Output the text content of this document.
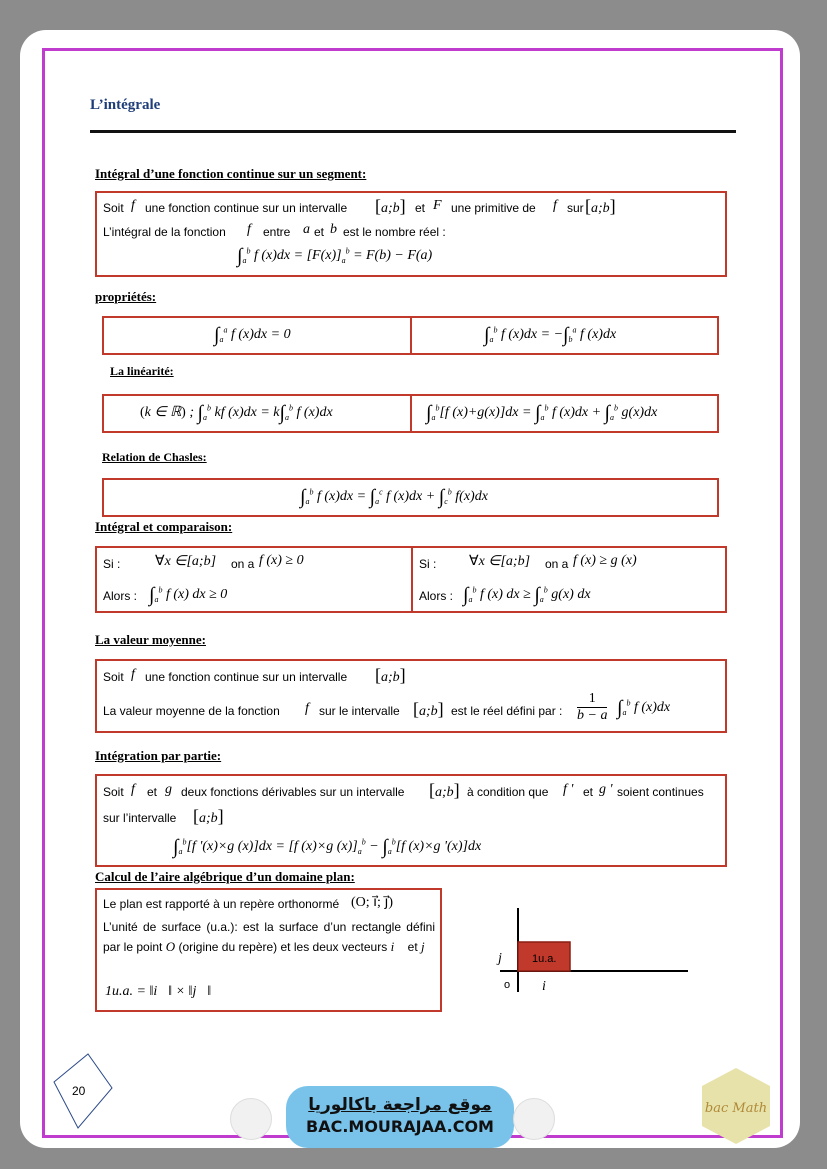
L’intégrale
Intégral d’une fonction continue sur un segment:
Soit f une fonction continue sur un intervalle [a;b] et F une primitive de f sur [a;b]
L’intégral de la fonction f entre a et b est le nombre réel :
$\int_a^b$ f $(x)dx = [F(x)]_a^b = F(b) - F(a)$
propriétés:
$\int_a^a$ f (x)dx = 0	$\int_a^b$ f $(x)dx = -\int_b^a$ f (x)dx
La linéarité:
(k ∈ ℝ) ; $\int_a^b$ kf $(x)dx = k\int_a^b$ f (x)dx	$\int_a^b[f$ $(x)+g(x)]dx = \int_a^b$ f $(x)dx + \int_a^b$ g(x)dx
Relation de Chasles:
$\int_a^b$ f $(x)dx = \int_a^c$ f $(x)dx + \int_c^b$ f(x)dx
Intégral et comparaison:
Si : ∀x ∈[a;b] on a f (x) ≥ 0
Alors : $\int_a^b$ f (x) dx ≥ 0
Si : ∀x ∈[a;b] on a f (x) ≥ g (x)
Alors : $\int_a^b$ f (x) dx ≥ $\int_a^b$ g(x) dx
La valeur moyenne:
Soit f une fonction continue sur un intervalle [a;b]
La valeur moyenne de la fonction f sur le intervalle [a;b] est le réel défini par : $\frac{1}{b - a} \int_a^b$ f (x)dx
Intégration par partie:
Soit f et g deux fonctions dérivables sur un intervalle [a;b] à condition que f ' et g ' soient continues
sur l’intervalle [a;b]
$\int_a^b[f$ '(x)×g (x)]dx = [f (x)×g $(x)]_a^b - \int_a^b[f$ (x)×g '(x)]dx
Calcul de l’aire algébrique d’un domaine plan:
Le plan est rapporté à un repère orthonormé (O; i⃗; j⃗)
L’unité de surface (u.a.): est la surface d’un rectangle défini par le point O (origine du repère) et les deux vecteurs i⃗ et j⃗
1u.a. = ‖i⃗‖ × ‖j⃗‖
1u.a.
o
j⃗
i⃗
20
موقع مراجعة باكالوريا
BAC.MOURAJAA.COM
bac Math
